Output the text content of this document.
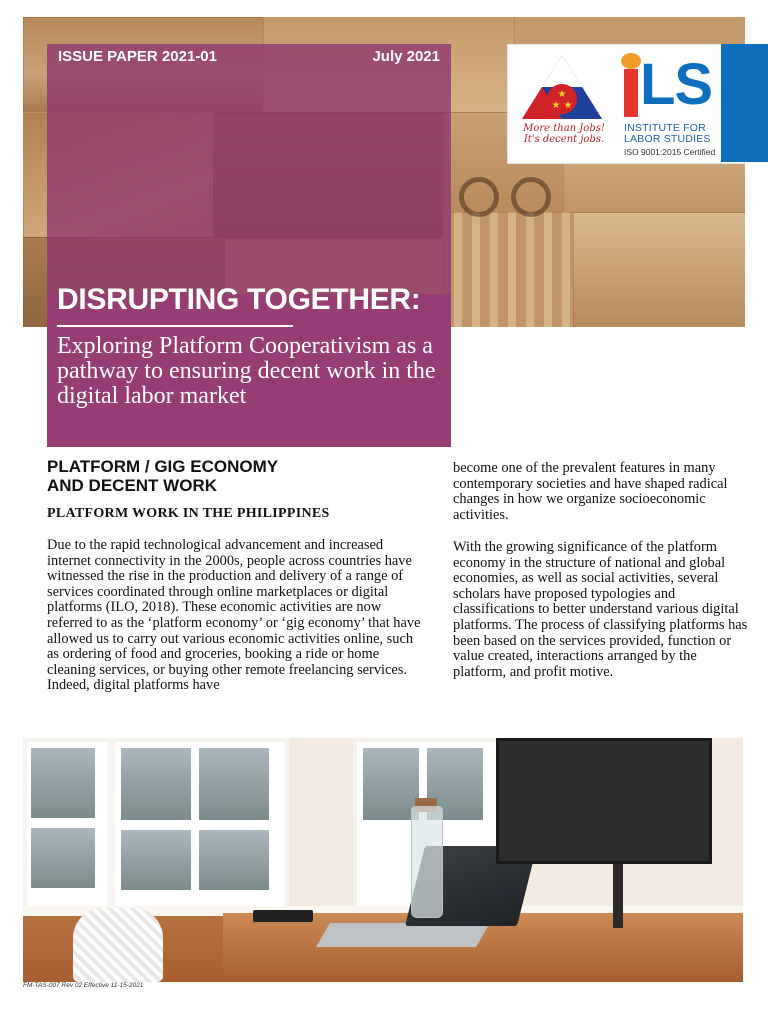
★
★ ★
More than Jobs!
It's decent jobs.
LS
INSTITUTE FOR
LABOR STUDIES
ISO 9001:2015 Certified
ISSUE PAPER 2021-01	July 2021
DISRUPTING TOGETHER:
Exploring Platform Cooperativism as a pathway to ensuring decent work in the digital labor market
PLATFORM / GIG ECONOMY
AND DECENT WORK
PLATFORM WORK IN THE PHILIPPINES

Due to the rapid technological advancement and increased internet connectivity in the 2000s, people across countries have witnessed the rise in the production and delivery of a range of services coordinated through online marketplaces or digital platforms (ILO, 2018). These economic activities are now referred to as the ‘platform economy’ or ‘gig economy’ that have allowed us to carry out various economic activities online, such as ordering of food and groceries, booking a ride or home cleaning services, or buying other remote freelancing services. Indeed, digital platforms have

become one of the prevalent features in many contemporary societies and have shaped radical changes in how we organize socioeconomic activities.

With the growing significance of the platform economy in the structure of national and global economies, as well as social activities, several scholars have proposed typologies and classifications to better understand various digital platforms. The process of classifying platforms has been based on the services provided, function or value created, interactions arranged by the platform, and profit motive.

FM-TAS-007 Rev 02 Effective 11-15-2021
